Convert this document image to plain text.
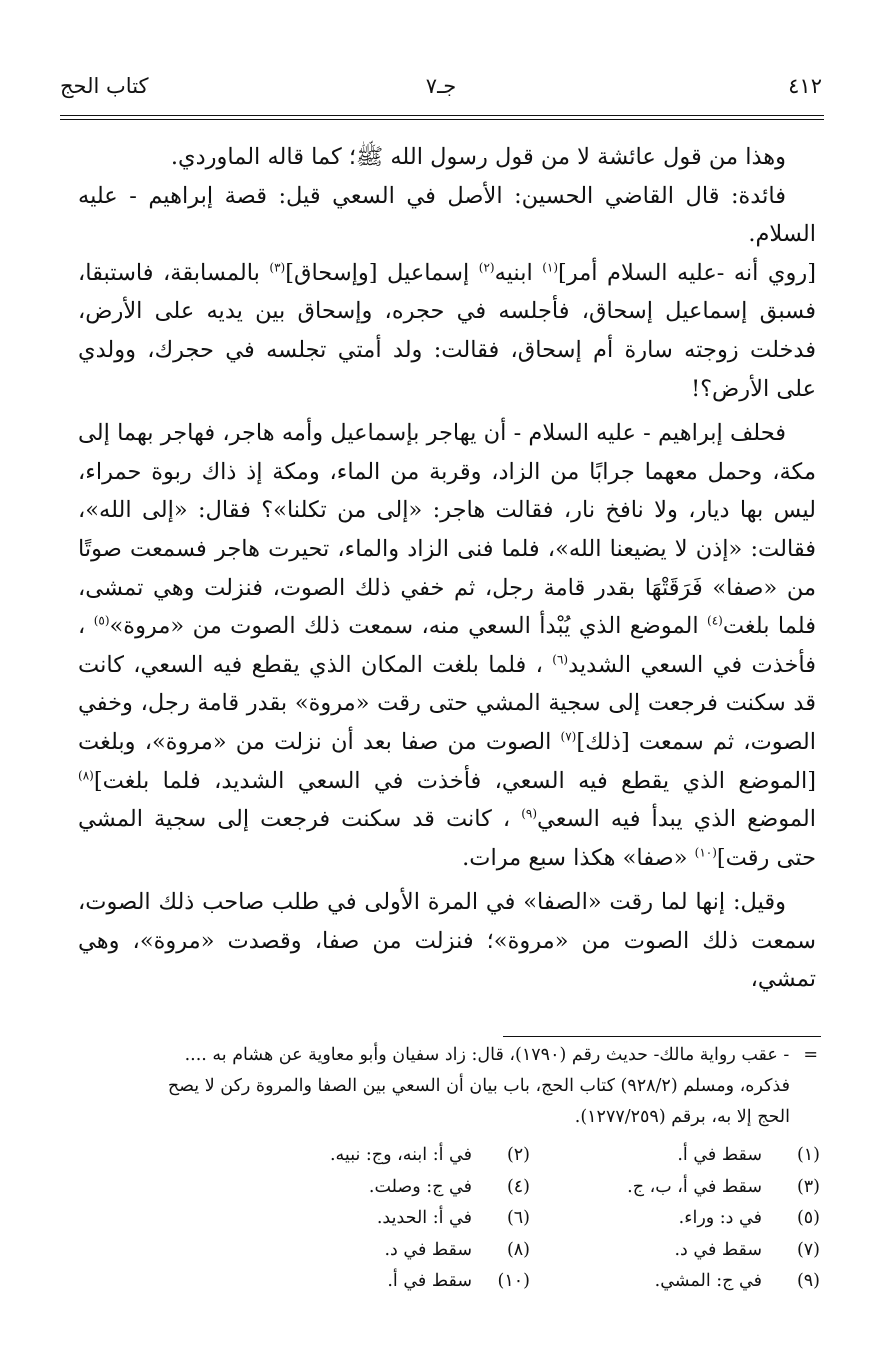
٤١٢
جـ٧
كتاب الحج

وهذا من قول عائشة لا من قول رسول الله ﷺ؛ كما قاله الماوردي.

فائدة: قال القاضي الحسين: الأصل في السعي قيل: قصة إبراهيم - عليه السلام.

[روي أنه -عليه السلام أمر]$^{(١)}$ ابنيه$^{(٢)}$ إسماعيل [وإسحاق]$^{(٣)}$ بالمسابقة، فاستبقا، فسبق إسماعيل إسحاق، فأجلسه في حجره، وإسحاق بين يديه على الأرض، فدخلت زوجته سارة أم إسحاق، فقالت: ولد أمتي تجلسه في حجرك، وولدي على الأرض؟!

فحلف إبراهيم - عليه السلام - أن يهاجر بإسماعيل وأمه هاجر، فهاجر بهما إلى مكة، وحمل معهما جرابًا من الزاد، وقربة من الماء، ومكة إذ ذاك ربوة حمراء، ليس بها ديار، ولا نافخ نار، فقالت هاجر: «إلى من تكلنا»؟ فقال: «إلى الله»، فقالت: «إذن لا يضيعنا الله»، فلما فنى الزاد والماء، تحيرت هاجر فسمعت صوتًا من «صفا» فَرَقَتْهَا بقدر قامة رجل، ثم خفي ذلك الصوت، فنزلت وهي تمشى، فلما بلغت$^{(٤)}$ الموضع الذي يُبْدأ السعي منه، سمعت ذلك الصوت من «مروة»$^{(٥)}$ ، فأخذت في السعي الشديد$^{(٦)}$ ، فلما بلغت المكان الذي يقطع فيه السعي، كانت قد سكنت فرجعت إلى سجية المشي حتى رقت «مروة» بقدر قامة رجل، وخفي الصوت، ثم سمعت [ذلك]$^{(٧)}$ الصوت من صفا بعد أن نزلت من «مروة»، وبلغت [الموضع الذي يقطع فيه السعي، فأخذت في السعي الشديد، فلما بلغت]$^{(٨)}$ الموضع الذي يبدأ فيه السعي$^{(٩)}$ ، كانت قد سكنت فرجعت إلى سجية المشي حتى رقت]$^{(١٠)}$ «صفا» هكذا سبع مرات.

وقيل: إنها لما رقت «الصفا» في المرة الأولى في طلب صاحب ذلك الصوت، سمعت ذلك الصوت من «مروة»؛ فنزلت من صفا، وقصدت «مروة»، وهي تمشي،

=- عقب رواية مالك- حديث رقم (١٧٩٠)، قال: زاد سفيان وأبو معاوية عن هشام به ....
فذكره، ومسلم (٩٢٨/٢) كتاب الحج، باب بيان أن السعي بين الصفا والمروة ركن لا يصح
الحج إلا به، برقم (١٢٧٧/٢٥٩).
(١)
سقط في أ.
(٢)
في أ: ابنه، وج: نبيه.
(٣)
سقط في أ، ب، ج.
(٤)
في ج: وصلت.
(٥)
في د: وراء.
(٦)
في أ: الحديد.
(٧)
سقط في د.
(٨)
سقط في د.
(٩)
في ج: المشي.
(١٠)
سقط في أ.
